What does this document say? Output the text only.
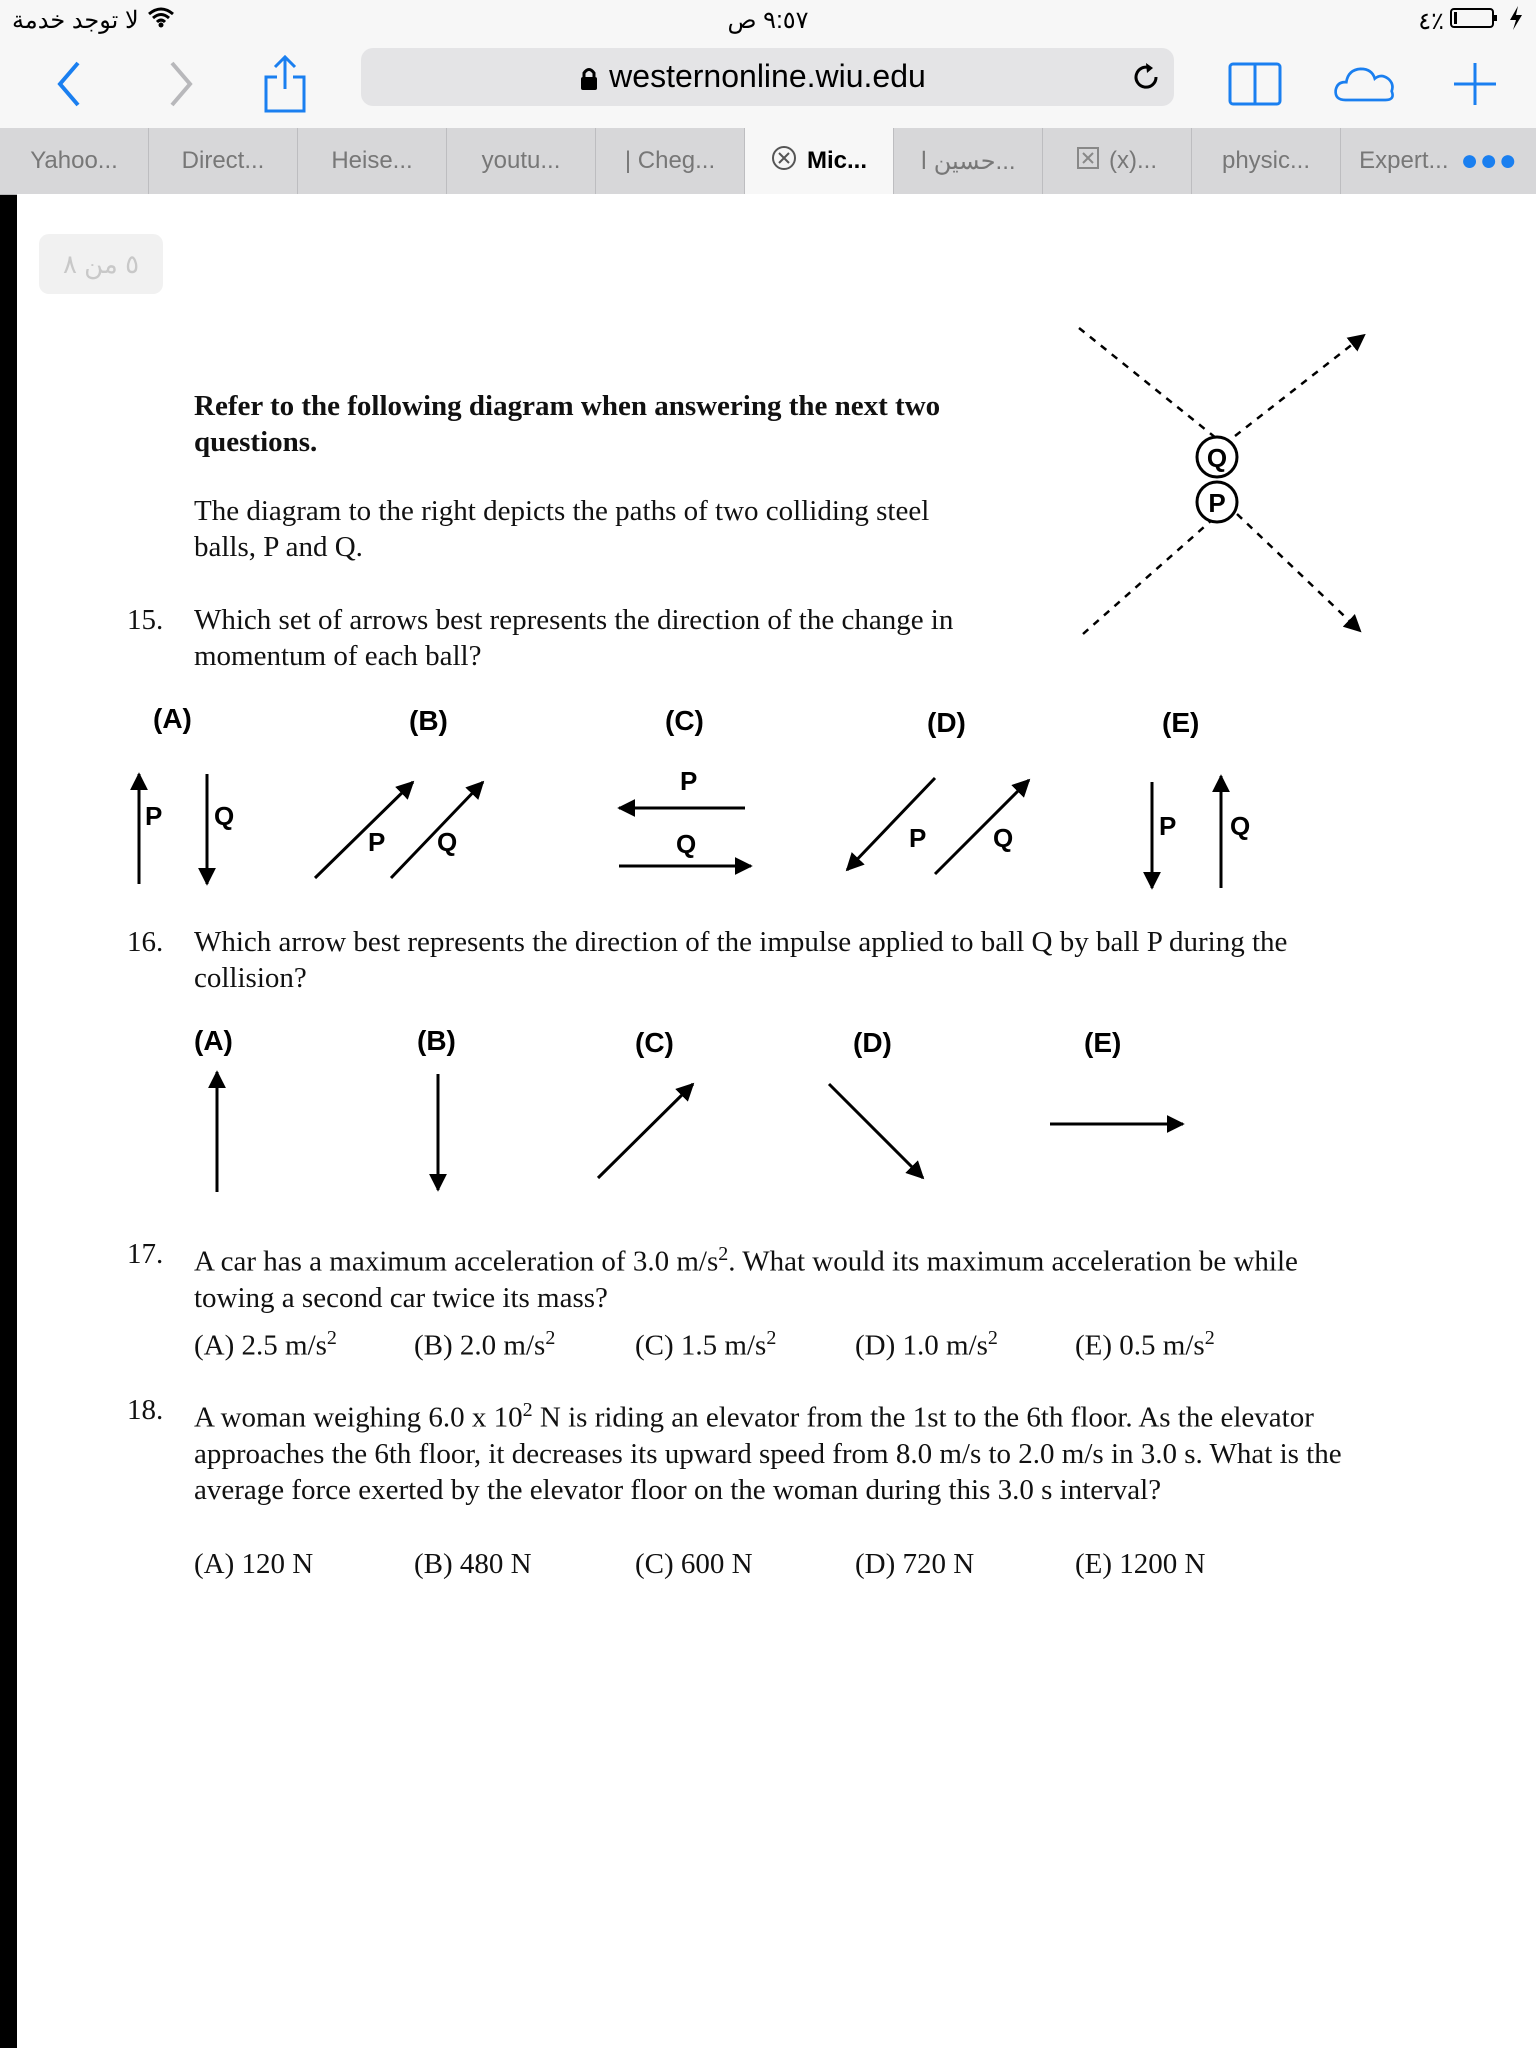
لا توجد خدمة	٩:٥٧ ص	٤٪
westernonline.wiu.edu
Yahoo...	Direct...	Heise...	youtu...	| Cheg...	Mic... حسين ا...	(x)...	physic... Expert... ●●●
٥ من ٨
Refer to the following diagram when answering the next two questions.
The diagram to the right depicts the paths of two colliding steel balls, P and Q.
Q
P
15. Which set of arrows best represents the direction of the change in momentum of each ball?
(A)	(B)	(C)	(D)	(E)
P Q
P Q
P
Q	P	Q	P Q
16. Which arrow best represents the direction of the impulse applied to ball Q by ball P during the collision?
(A)	(B)	(C)	(D)	(E)
17. A car has a maximum acceleration of 3.0 $m/s^2$. What would its maximum acceleration be while towing a second car twice its mass?
(A) 2.5 $m/s^2$	(B) 2.0 $m/s^2$	(C) 1.5 $m/s^2$	(D) 1.0 $m/s^2$	(E) 0.5 $m/s^2$
18. A woman weighing 6.0 x $10^2$ N is riding an elevator from the 1st to the 6th floor. As the elevator approaches the 6th floor, it decreases its upward speed from 8.0 m/s to 2.0 m/s in 3.0 s. What is the average force exerted by the elevator floor on the woman during this 3.0 s interval?
(A) 120 N	(B) 480 N	(C) 600 N	(D) 720 N	(E) 1200 N
